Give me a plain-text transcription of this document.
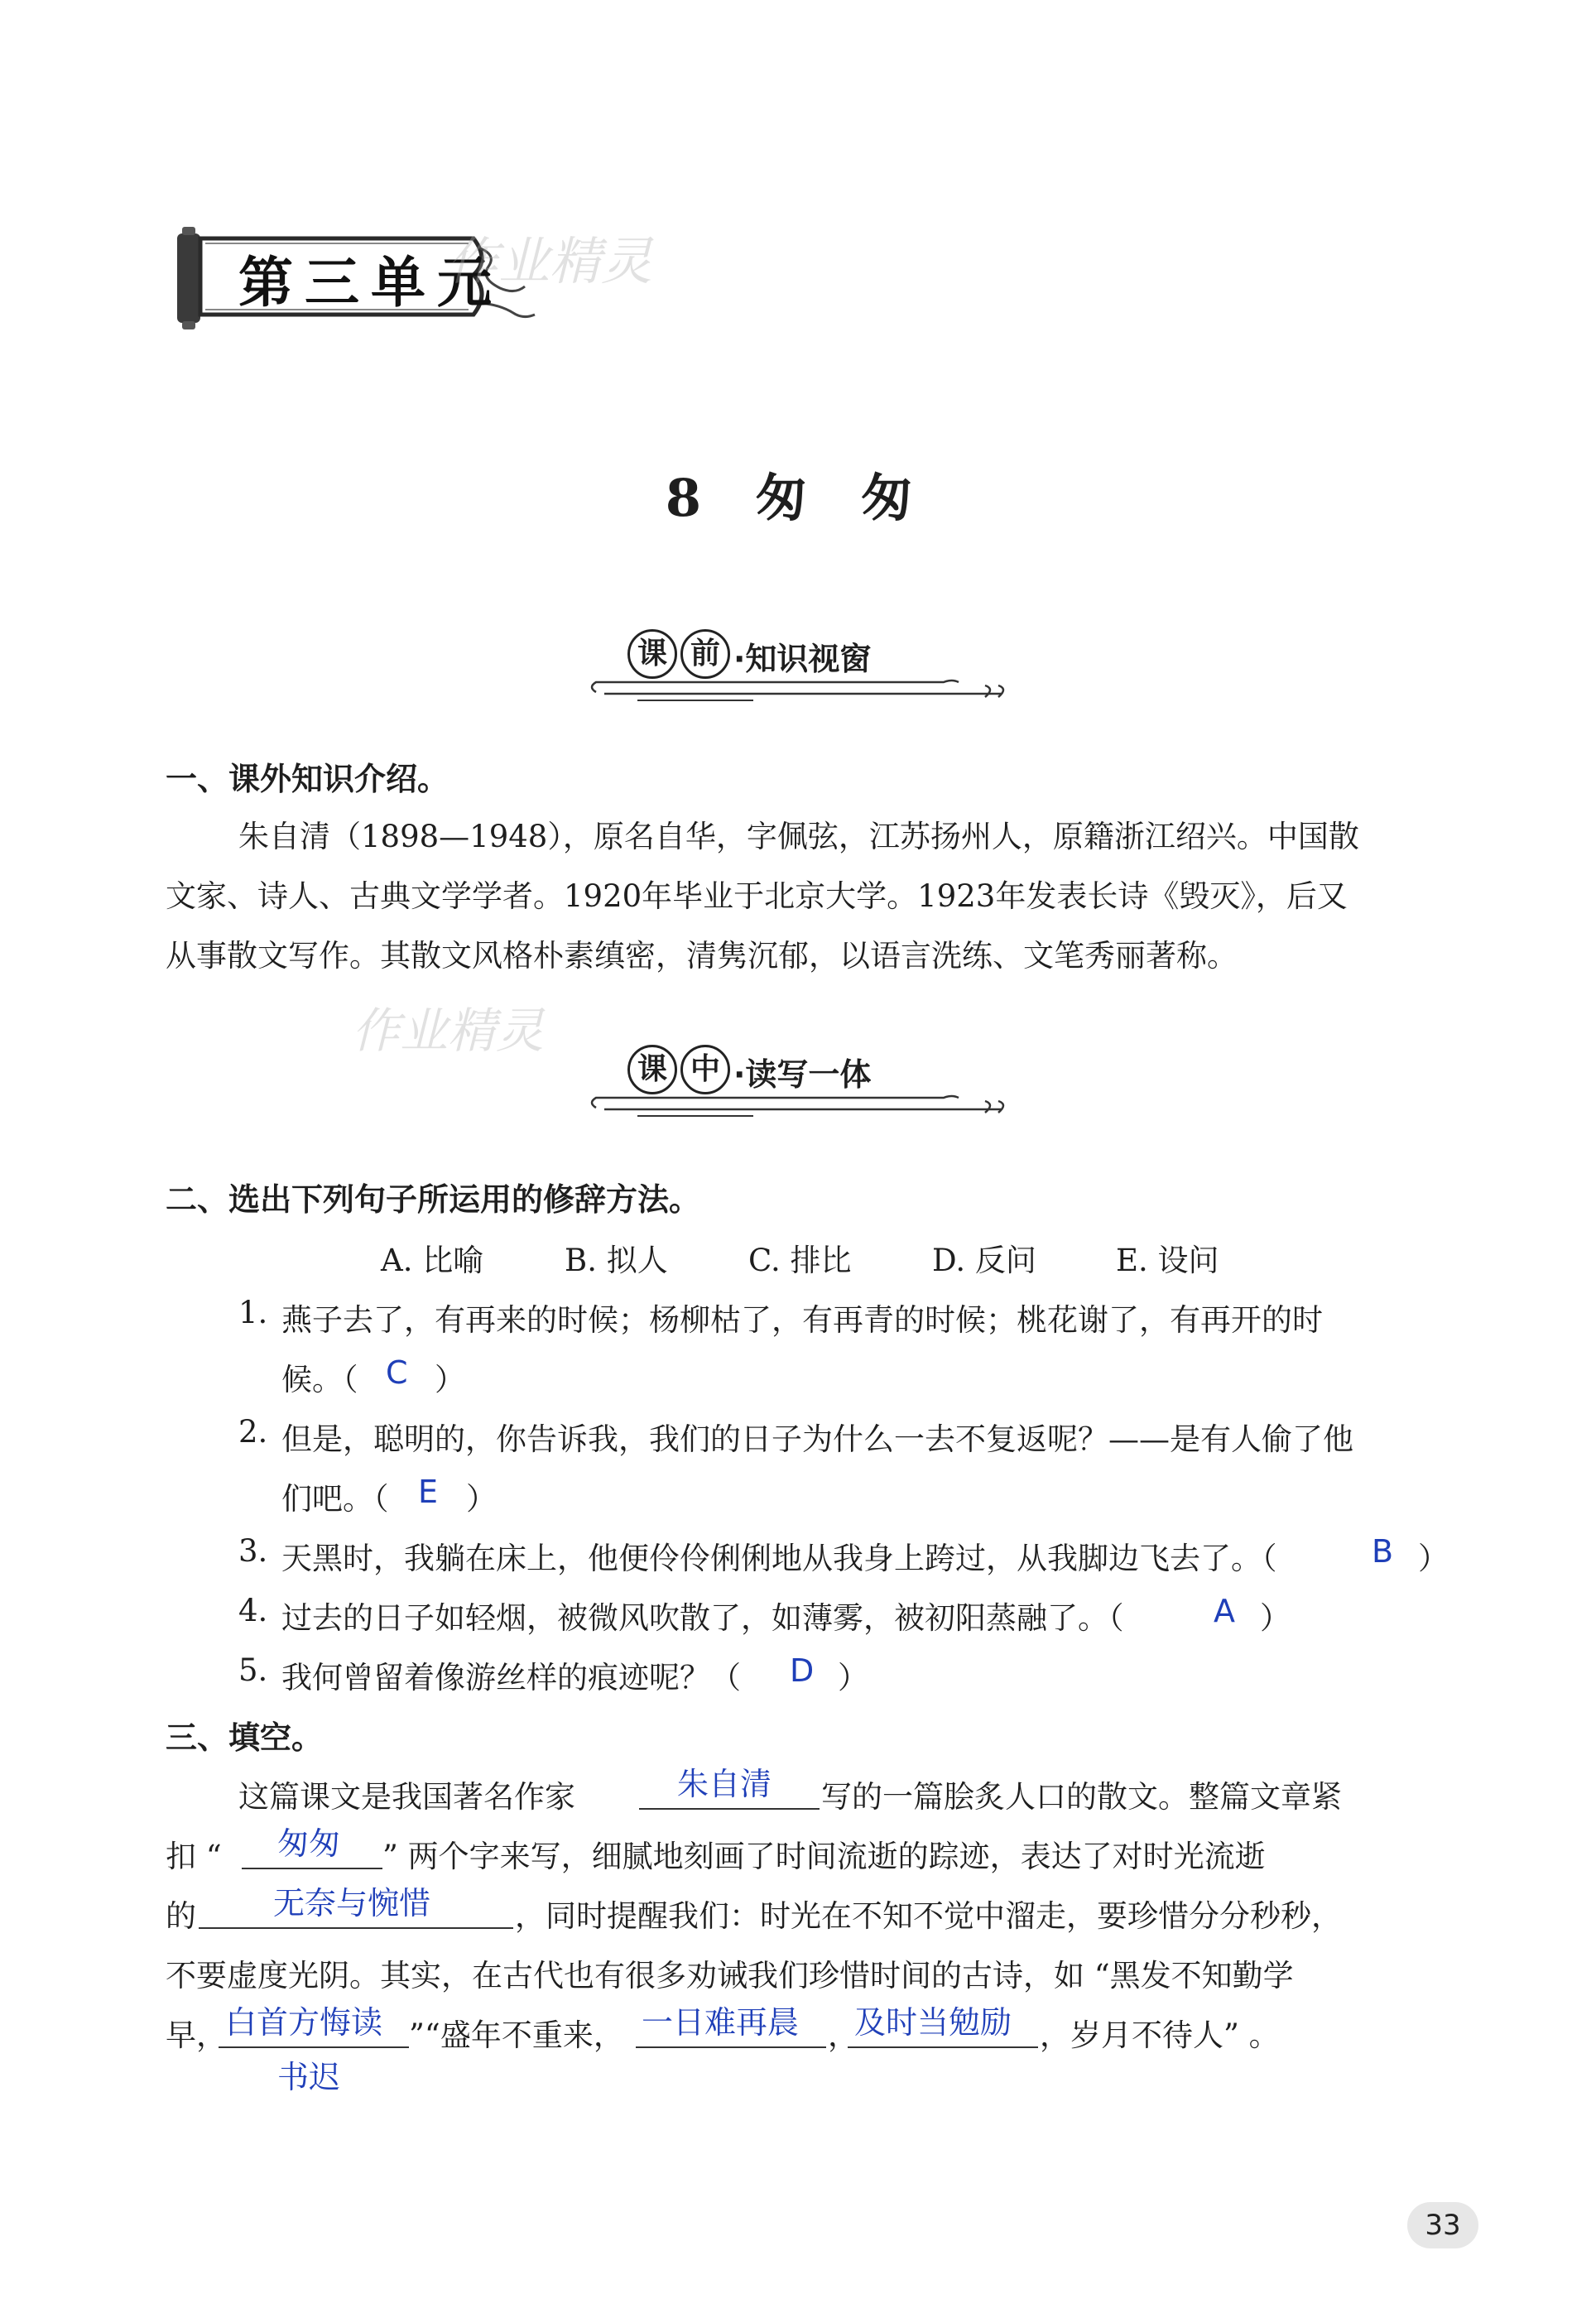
第三单元
作业精灵
作业精灵
8 匆 匆
课 前 ·知识视窗
一、课外知识介绍。
朱自清（1898—1948），原名自华，字佩弦，江苏扬州人，原籍浙江绍兴。中国散
文家、诗人、古典文学学者。1920年毕业于北京大学。1923年发表长诗《毁灭》，后又
从事散文写作。其散文风格朴素缜密，清隽沉郁，以语言洗练、文笔秀丽著称。
课 中 ·读写一体
二、选出下列句子所运用的修辞方法。
A. 比喻	B. 拟人	C. 排比	D. 反问	E. 设问
1. 燕子去了，有再来的时候；杨柳枯了，有再青的时候；桃花谢了，有再开的时
候。（ C ）
2. 但是，聪明的，你告诉我，我们的日子为什么一去不复返呢？——是有人偷了他
们吧。（ E ）
3. 天黑时，我躺在床上，他便伶伶俐俐地从我身上跨过，从我脚边飞去了。（	B ）
4. 过去的日子如轻烟，被微风吹散了，如薄雾，被初阳蒸融了。（	A ）
5. 我何曾留着像游丝样的痕迹呢？（ D ）
三、填空。
这篇课文是我国著名作家	朱自清 写的一篇脍炙人口的散文。整篇文章紧
扣 “ 匆匆 ” 两个字来写，细腻地刻画了时间流逝的踪迹，表达了对时光流逝
的 无奈与惋惜	，同时提醒我们：时光在不知不觉中溜走，要珍惜分分秒秒，
不要虚度光阴。其实，在古代也有很多劝诫我们珍惜时间的古诗，如 “黑发不知勤学
早，
白首方悔读 ”“盛年不重来， 一日难再晨 ，
及时当勉励 ，岁月不待人” 。
书迟
33
